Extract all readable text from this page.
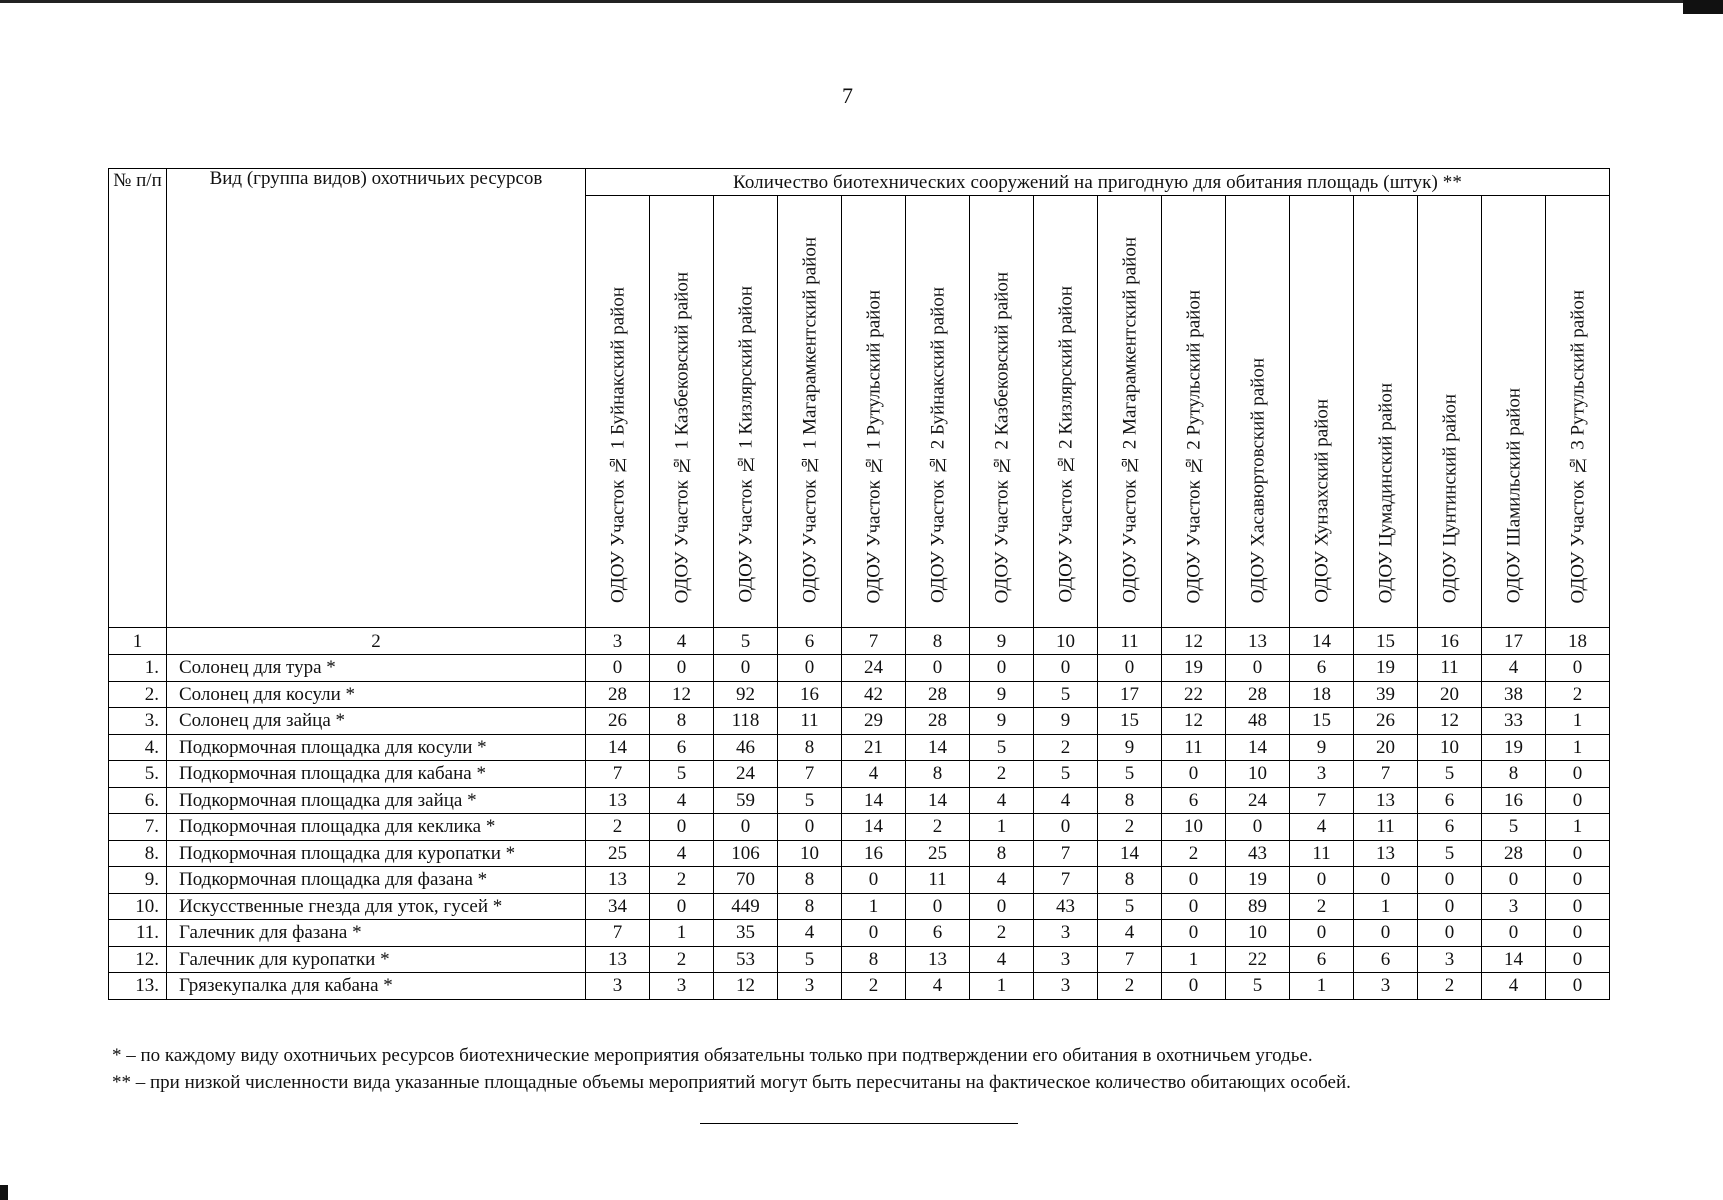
7
№ п/п	Вид (группа видов) охотничьих ресурсов	Количество биотехнических сооружений на пригодную для обитания площадь (штук) **															

		ОДОУ Участок № 1 Буйнакский район	ОДОУ Участок № 1 Казбековский район	ОДОУ Участок № 1 Кизлярский район	ОДОУ Участок № 1 Магарамкентский район	ОДОУ Участок № 1 Рутульский район	ОДОУ Участок № 2 Буйнакский район	ОДОУ Участок № 2 Казбековский район	ОДОУ Участок № 2 Кизлярский район	ОДОУ Участок № 2 Магарамкентский район	ОДОУ Участок № 2 Рутульский район	ОДОУ Хасавюртовский район	ОДОУ Хунзахский район	ОДОУ Цумадинский район	ОДОУ Цунтинский район	ОДОУ Шамильский район	ОДОУ Участок № 3 Рутульский район

1	2	3	4	5	6	7	8	9	10	11	12	13	14	15	16	17	18
1.	Солонец для тура *	0	0	0	0	24	0	0	0	0	19	0	6	19	11	4	0
2.	Солонец для косули *	28	12	92	16	42	28	9	5	17	22	28	18	39	20	38	2
3.	Солонец для зайца *	26	8	118	11	29	28	9	9	15	12	48	15	26	12	33	1
4.	Подкормочная площадка для косули *	14	6	46	8	21	14	5	2	9	11	14	9	20	10	19	1
5.	Подкормочная площадка для кабана *	7	5	24	7	4	8	2	5	5	0	10	3	7	5	8	0
6.	Подкормочная площадка для зайца *	13	4	59	5	14	14	4	4	8	6	24	7	13	6	16	0
7.	Подкормочная площадка для кеклика *	2	0	0	0	14	2	1	0	2	10	0	4	11	6	5	1
8.	Подкормочная площадка для куропатки *	25	4	106	10	16	25	8	7	14	2	43	11	13	5	28	0
9.	Подкормочная площадка для фазана *	13	2	70	8	0	11	4	7	8	0	19	0	0	0	0	0
10.	Искусственные гнезда для уток, гусей *	34	0	449	8	1	0	0	43	5	0	89	2	1	0	3	0
11.	Галечник для фазана *	7	1	35	4	0	6	2	3	4	0	10	0	0	0	0	0
12.	Галечник для куропатки *	13	2	53	5	8	13	4	3	7	1	22	6	6	3	14	0
13.	Грязекупалка для кабана *	3	3	12	3	2	4	1	3	2	0	5	1	3	2	4	0
* – по каждому виду охотничьих ресурсов биотехнические мероприятия обязательны только при подтверждении его обитания в охотничьем угодье.
** – при низкой численности вида указанные площадные объемы мероприятий могут быть пересчитаны на фактическое количество обитающих особей.
